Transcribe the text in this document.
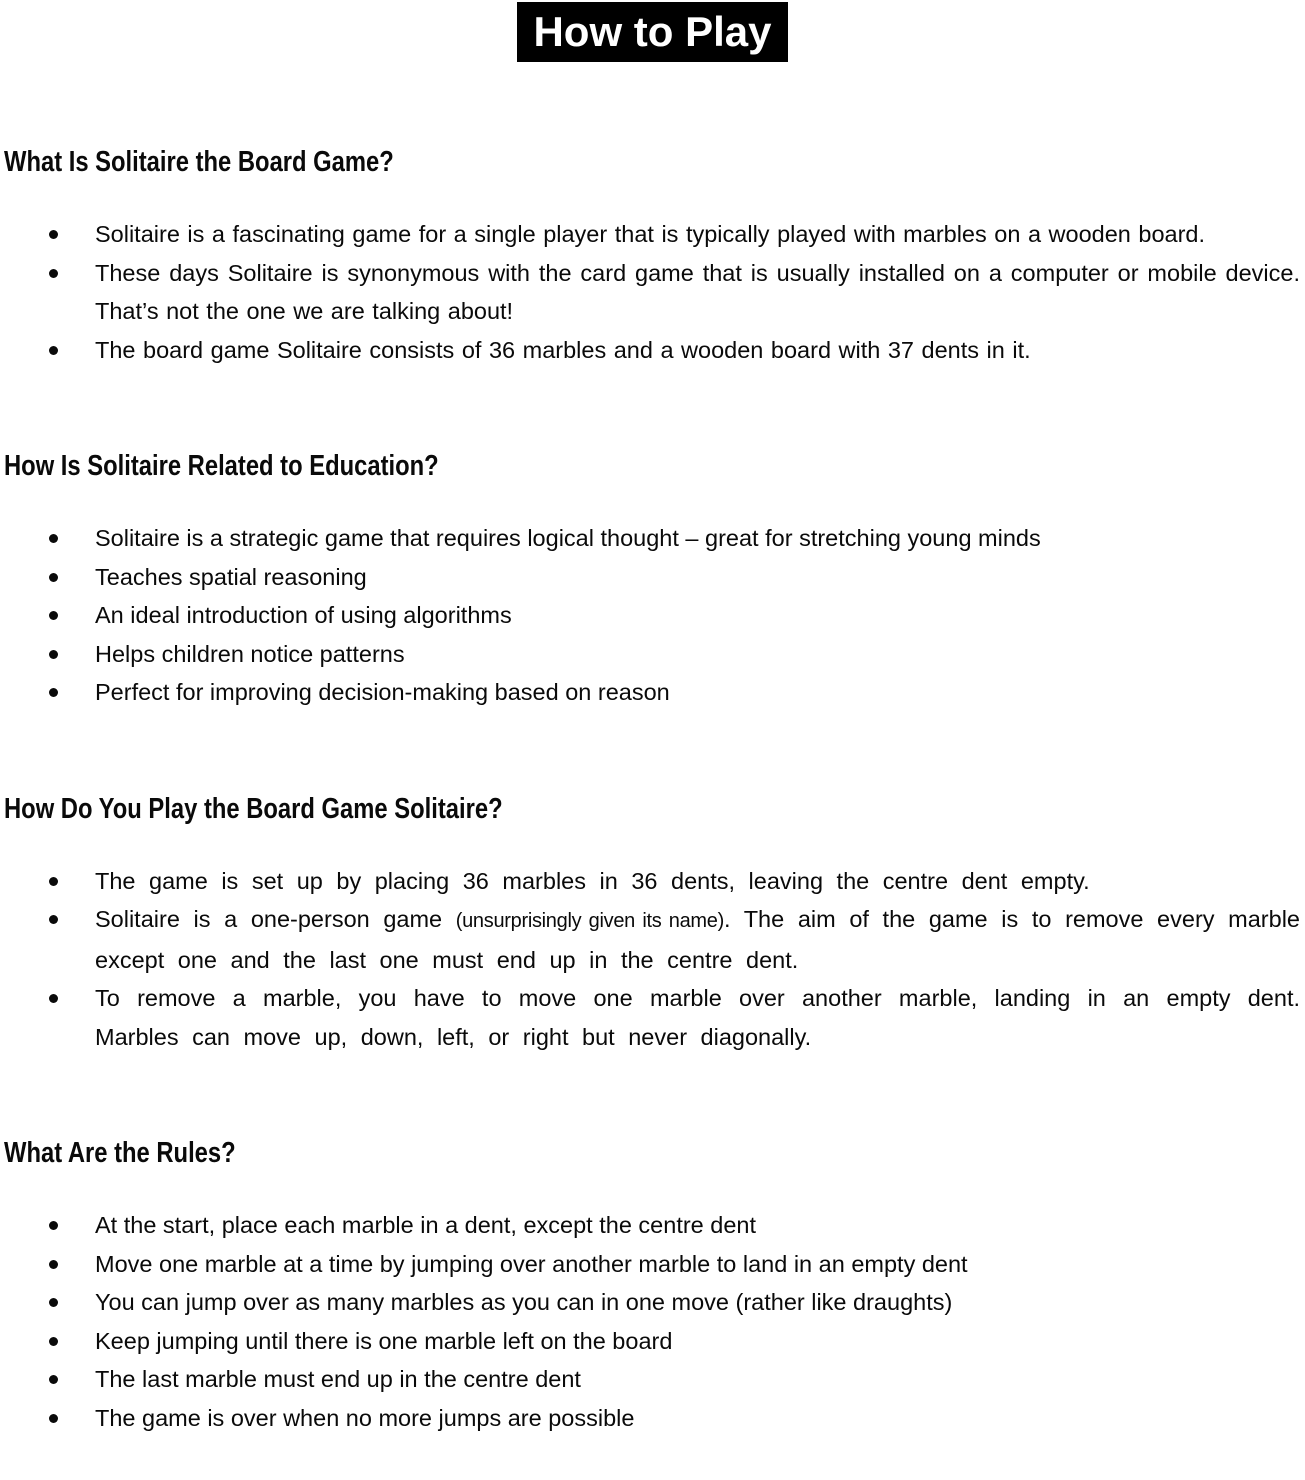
How to Play
What Is Solitaire the Board Game?
Solitaire is a fascinating game for a single player that is typically played with marbles on a wooden board.
These days Solitaire is synonymous with the card game that is usually installed on a computer or mobile device. That’s not the one we are talking about!
The board game Solitaire consists of 36 marbles and a wooden board with 37 dents in it.
How Is Solitaire Related to Education?
Solitaire is a strategic game that requires logical thought – great for stretching young minds
Teaches spatial reasoning
An ideal introduction of using algorithms
Helps children notice patterns
Perfect for improving decision-making based on reason
How Do You Play the Board Game Solitaire?
The game is set up by placing 36 marbles in 36 dents, leaving the centre dent empty.
Solitaire is a one-person game (unsurprisingly given its name). The aim of the game is to remove every marble except one and the last one must end up in the centre dent.
To remove a marble, you have to move one marble over another marble, landing in an empty dent. Marbles can move up, down, left, or right but never diagonally.
What Are the Rules?
At the start, place each marble in a dent, except the centre dent
Move one marble at a time by jumping over another marble to land in an empty dent
You can jump over as many marbles as you can in one move (rather like draughts)
Keep jumping until there is one marble left on the board
The last marble must end up in the centre dent
The game is over when no more jumps are possible
